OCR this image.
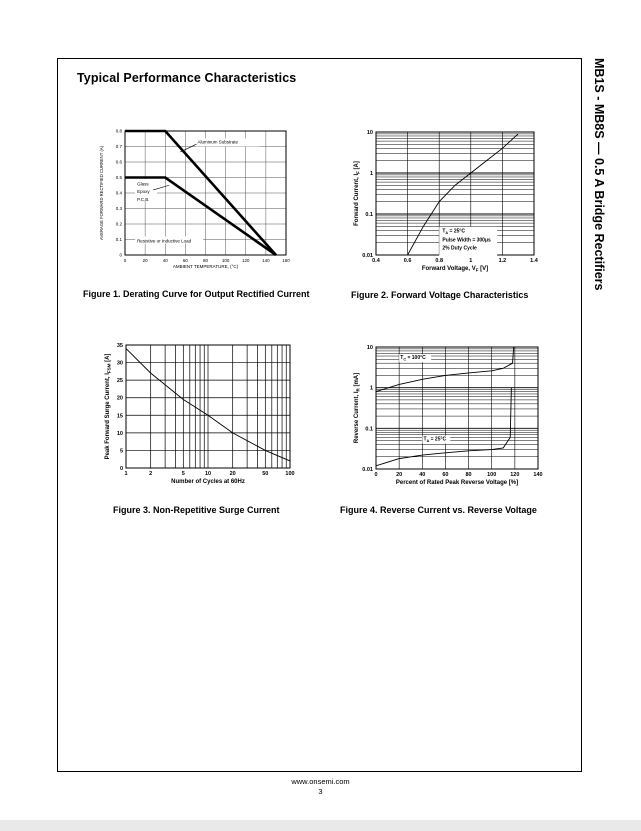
Typical Performance Characteristics	MB1S - MB8S — 0.5 A Bridge Rectifiers
0	20	40	60	80	100	120	140	160
0
0.1
0.2
0.3
0.4
0.5
0.6
0.7
0.8
Aluminum Substrate
Glass
Epoxy
P.C.B.
Resistive or Inductive Load
AMBIENT TEMPERATURE, (°C)
AVERAGE FORWARD RECTIFIED CURRENT (A)
Figure 1. Derating Curve for Output Rectified Current
0.4	0.6	0.8	1	1.2	1.4
10
1
0.1
0.01
$T_A = 25^\circ C$
Pulse Width = 300μs
2% Duty Cycle
Forward Voltage, $V_F$ [V]
Forward Current, $I_F$ [A]
Figure 2. Forward Voltage Characteristics
1	2	5	10	20	50	100
0
5
10
15
20
25
30
35
Number of Cycles at 60Hz
Peak Forward Surge Current, $I_{FSM}$ [A]
Figure 3. Non-Repetitive Surge Current
0	20	40	60	80	100	120	140
10
1
0.1
0.01
$T_C = 100^\circ C$
$T_A = 25^\circ C$
Percent of Rated Peak Reverse Voltage [%]
Reverse Current, $I_R$ [mA]
Figure 4. Reverse Current vs. Reverse Voltage
www.onsemi.com
3
